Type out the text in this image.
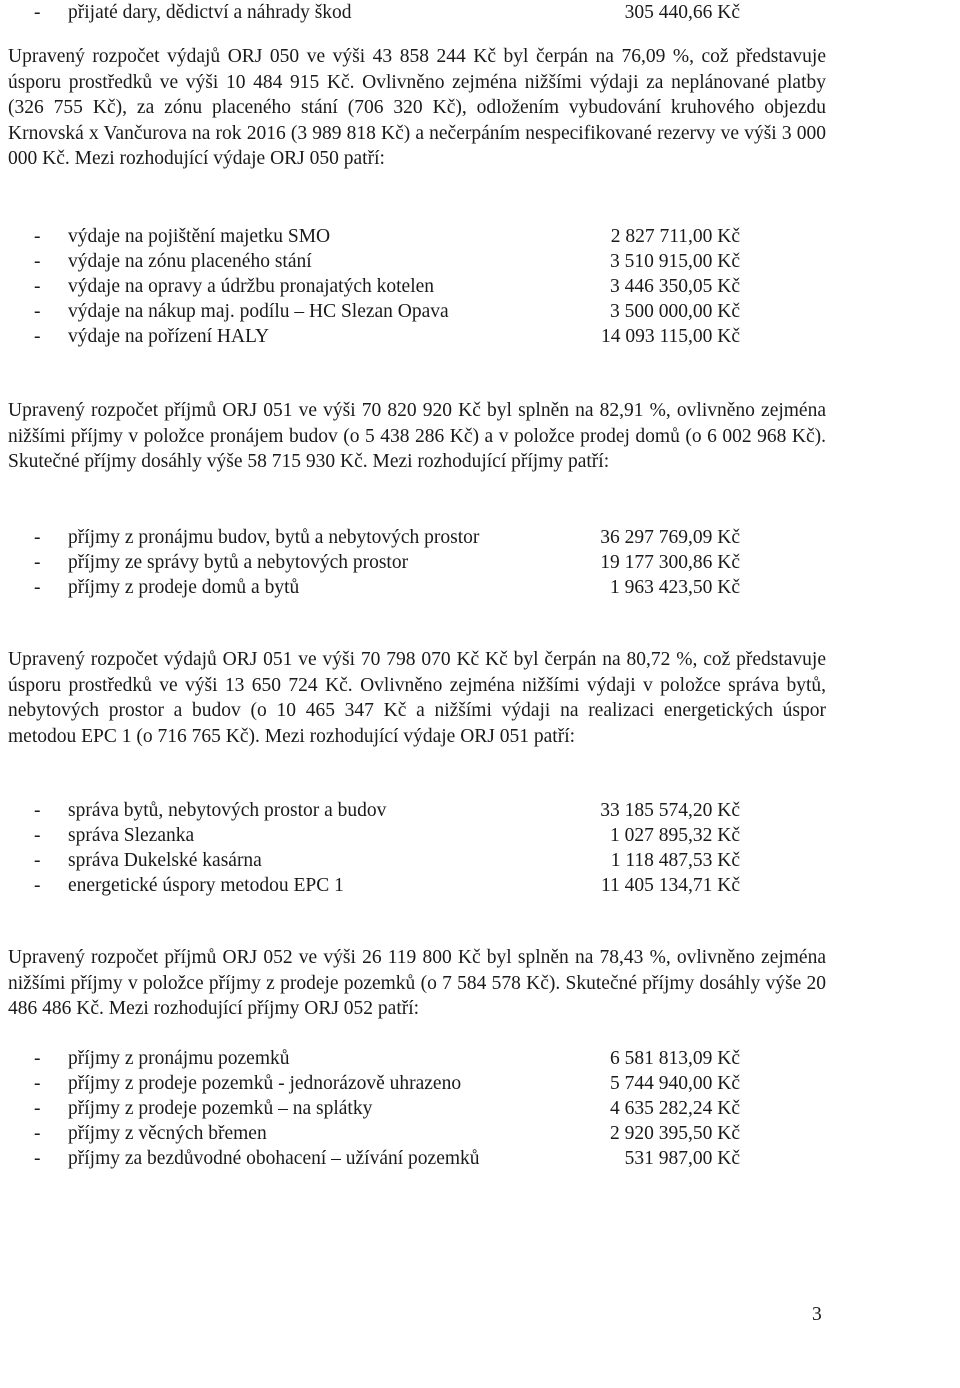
- přijaté dary, dědictví a náhrady škod	305 440,66 Kč

Upravený rozpočet výdajů ORJ 050 ve výši 43 858 244 Kč byl čerpán na 76,09 %, což představuje úsporu prostředků ve výši 10 484 915 Kč. Ovlivněno zejména nižšími výdaji za neplánované platby (326 755 Kč), za zónu placeného stání (706 320 Kč), odložením vybudování kruhového objezdu Krnovská x Vančurova na rok 2016 (3 989 818 Kč) a nečerpáním nespecifikované rezervy ve výši 3 000 000 Kč. Mezi rozhodující výdaje ORJ 050 patří:

- výdaje na pojištění majetku SMO	2 827 711,00 Kč
- výdaje na zónu placeného stání	3 510 915,00 Kč
- výdaje na opravy a údržbu pronajatých kotelen	3 446 350,05 Kč
- výdaje na nákup maj. podílu – HC Slezan Opava	3 500 000,00 Kč
- výdaje na pořízení HALY	14 093 115,00 Kč

Upravený rozpočet příjmů ORJ 051 ve výši 70 820 920 Kč byl splněn na 82,91 %, ovlivněno zejména nižšími příjmy v položce pronájem budov (o 5 438 286 Kč) a v položce prodej domů (o 6 002 968 Kč). Skutečné příjmy dosáhly výše 58 715 930 Kč. Mezi rozhodující příjmy patří:

- příjmy z pronájmu budov, bytů a nebytových prostor	36 297 769,09 Kč
- příjmy ze správy bytů a nebytových prostor	19 177 300,86 Kč
- příjmy z prodeje domů a bytů	1 963 423,50 Kč

Upravený rozpočet výdajů ORJ 051 ve výši 70 798 070 Kč Kč byl čerpán na 80,72 %, což představuje úsporu prostředků ve výši 13 650 724 Kč. Ovlivněno zejména nižšími výdaji v položce správa bytů, nebytových prostor a budov (o 10 465 347 Kč a nižšími výdaji na realizaci energetických úspor metodou EPC 1 (o 716 765 Kč). Mezi rozhodující výdaje ORJ 051 patří:

- správa bytů, nebytových prostor a budov	33 185 574,20 Kč
- správa Slezanka	1 027 895,32 Kč
- správa Dukelské kasárna	1 118 487,53 Kč
- energetické úspory metodou EPC 1	11 405 134,71 Kč

Upravený rozpočet příjmů ORJ 052 ve výši 26 119 800 Kč byl splněn na 78,43 %, ovlivněno zejména nižšími příjmy v položce příjmy z prodeje pozemků (o 7 584 578 Kč). Skutečné příjmy dosáhly výše 20 486 486 Kč. Mezi rozhodující příjmy ORJ 052 patří:

- příjmy z pronájmu pozemků	6 581 813,09 Kč
- příjmy z prodeje pozemků - jednorázově uhrazeno	5 744 940,00 Kč
- příjmy z prodeje pozemků – na splátky	4 635 282,24 Kč
- příjmy z věcných břemen	2 920 395,50 Kč
- příjmy za bezdůvodné obohacení – užívání pozemků	531 987,00 Kč
3
